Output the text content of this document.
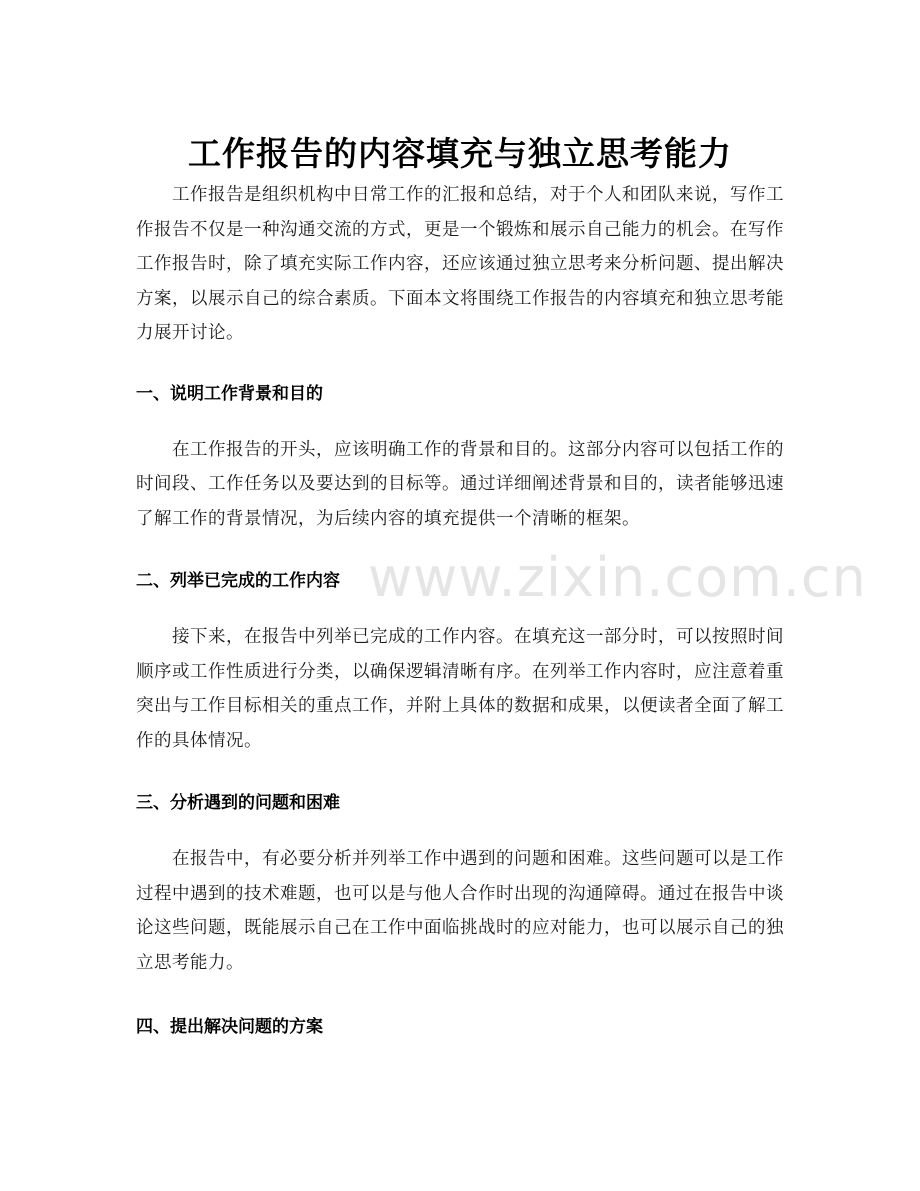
工作报告的内容填充与独立思考能力

工作报告是组织机构中日常工作的汇报和总结，对于个人和团队来说，写作工作报告不仅是一种沟通交流的方式，更是一个锻炼和展示自己能力的机会。在写作工作报告时，除了填充实际工作内容，还应该通过独立思考来分析问题、提出解决方案，以展示自己的综合素质。下面本文将围绕工作报告的内容填充和独立思考能力展开讨论。

一、说明工作背景和目的

在工作报告的开头，应该明确工作的背景和目的。这部分内容可以包括工作的时间段、工作任务以及要达到的目标等。通过详细阐述背景和目的，读者能够迅速了解工作的背景情况，为后续内容的填充提供一个清晰的框架。

二、列举已完成的工作内容

接下来，在报告中列举已完成的工作内容。在填充这一部分时，可以按照时间顺序或工作性质进行分类，以确保逻辑清晰有序。在列举工作内容时，应注意着重突出与工作目标相关的重点工作，并附上具体的数据和成果，以便读者全面了解工作的具体情况。

三、分析遇到的问题和困难

在报告中，有必要分析并列举工作中遇到的问题和困难。这些问题可以是工作过程中遇到的技术难题，也可以是与他人合作时出现的沟通障碍。通过在报告中谈论这些问题，既能展示自己在工作中面临挑战时的应对能力，也可以展示自己的独立思考能力。

四、提出解决问题的方案
www.zixin.com.cn
